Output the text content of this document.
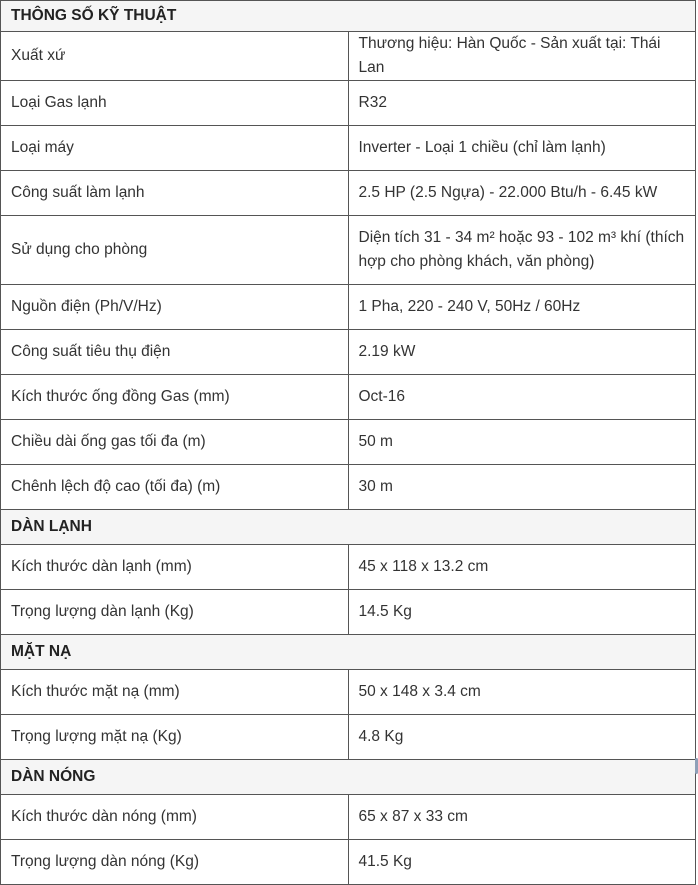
THÔNG SỐ KỸ THUẬT	
Xuất xứ	Thương hiệu: Hàn Quốc - Sản xuất tại: Thái Lan
Loại Gas lạnh	R32
Loại máy	Inverter - Loại 1 chiều (chỉ làm lạnh)
Công suất làm lạnh	2.5 HP (2.5 Ngựa) - 22.000 Btu/h - 6.45 kW
Sử dụng cho phòng	Diện tích 31 - 34 m² hoặc 93 - 102 m³ khí (thích hợp cho phòng khách, văn phòng)
Nguồn điện (Ph/V/Hz)	1 Pha, 220 - 240 V, 50Hz / 60Hz
Công suất tiêu thụ điện	2.19 kW
Kích thước ống đồng Gas (mm)	Oct-16
Chiều dài ống gas tối đa (m)	50 m
Chênh lệch độ cao (tối đa) (m)	30 m
DÀN LẠNH	
Kích thước dàn lạnh (mm)	45 x 118 x 13.2 cm
Trọng lượng dàn lạnh (Kg)	14.5 Kg
MẶT NẠ	
Kích thước mặt nạ (mm)	50 x 148 x 3.4 cm
Trọng lượng mặt nạ (Kg)	4.8 Kg
DÀN NÓNG	
Kích thước dàn nóng (mm)	65 x 87 x 33 cm
Trọng lượng dàn nóng (Kg)	41.5 Kg
